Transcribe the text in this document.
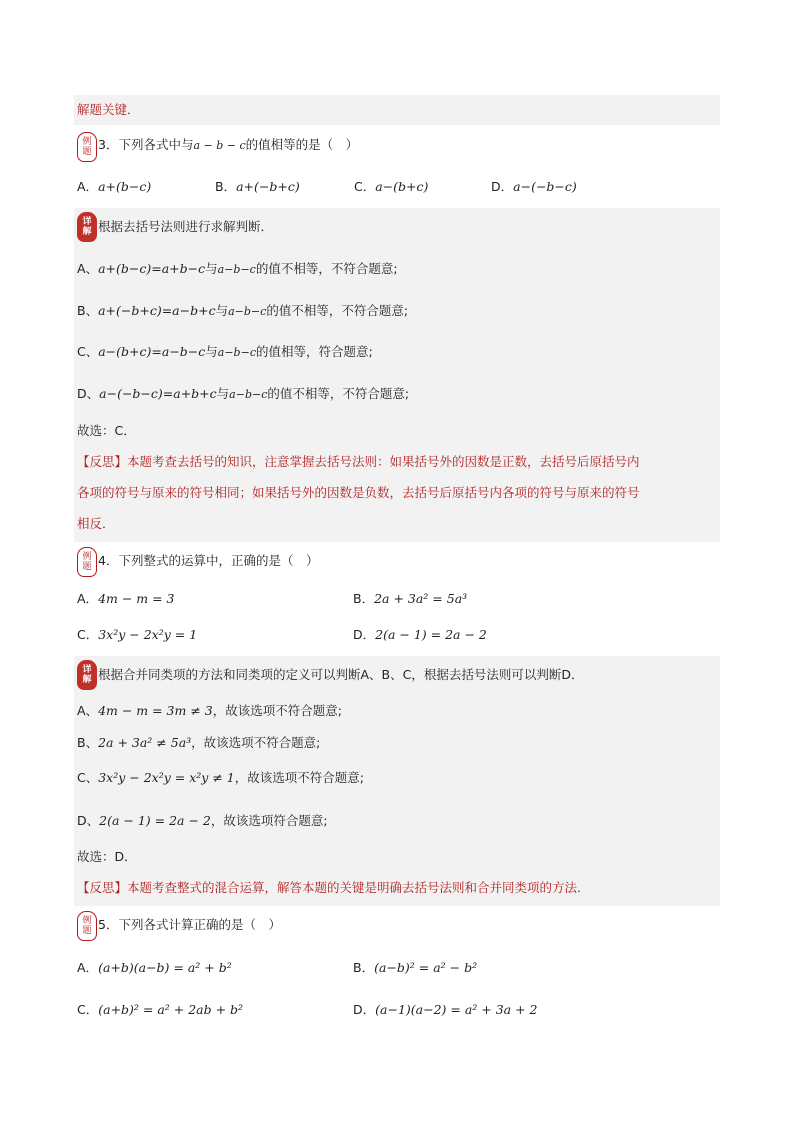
解题关键．
例
题 3．下列各式中与a − b − c的值相等的是（　）
A．a+(b−c)	B．a+(−b+c)	C．a−(b+c)	D．a−(−b−c)
详
解 根据去括号法则进行求解判断．
A、a+(b−c)=a+b−c与a−b−c的值不相等，不符合题意;
B、a+(−b+c)=a−b+c与a−b−c的值不相等，不符合题意;
C、a−(b+c)=a−b−c与a−b−c的值相等，符合题意;
D、a−(−b−c)=a+b+c与a−b−c的值不相等，不符合题意;
故选：C．
【反思】本题考查去括号的知识，注意掌握去括号法则：如果括号外的因数是正数，去括号后原括号内
各项的符号与原来的符号相同；如果括号外的因数是负数，去括号后原括号内各项的符号与原来的符号
相反．
例
题 4．下列整式的运算中，正确的是（　）
A．4m − m = 3	B．2a + 3a² = 5a³
C．3x²y − 2x²y = 1	D．2(a − 1) = 2a − 2
详
解 根据合并同类项的方法和同类项的定义可以判断A、B、C，根据去括号法则可以判断D．
A、4m − m = 3m ≠ 3，故该选项不符合题意;
B、2a + 3a² ≠ 5a³，故该选项不符合题意;
C、3x²y − 2x²y = x²y ≠ 1，故该选项不符合题意;
D、2(a − 1) = 2a − 2，故该选项符合题意;
故选：D．
【反思】本题考查整式的混合运算，解答本题的关键是明确去括号法则和合并同类项的方法．
例
题 5．下列各式计算正确的是（　）
A．(a+b)(a−b) = a² + b²	B．(a−b)² = a² − b²
C．(a+b)² = a² + 2ab + b²	D．(a−1)(a−2) = a² + 3a + 2
